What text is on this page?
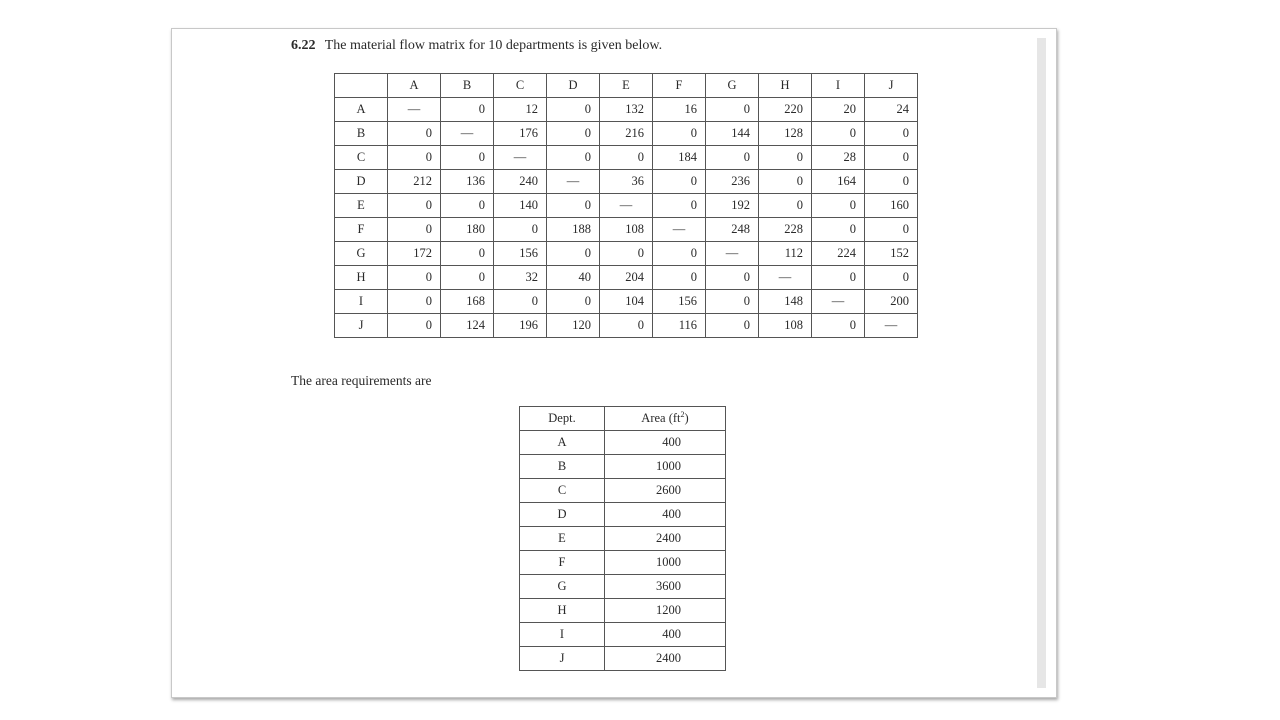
6.22 The material flow matrix for 10 departments is given below.
	A	B	C	D	E	F	G	H	I	J
A	—	0	12	0	132	16	0	220	20	24
B	0	—	176	0	216	0	144	128	0	0
C	0	0	—	0	0	184	0	0	28	0
D	212	136	240	—	36	0	236	0	164	0
E	0	0	140	0	—	0	192	0	0	160
F	0	180	0	188	108	—	248	228	0	0
G	172	0	156	0	0	0	—	112	224	152
H	0	0	32	40	204	0	0	—	0	0
I	0	168	0	0	104	156	0	148	—	200
J	0	124	196	120	0	116	0	108	0	—
The area requirements are
Dept.	Area $(ft^2)$
A	400
B	1000
C	2600
D	400
E	2400
F	1000
G	3600
H	1200
I	400
J	2400
